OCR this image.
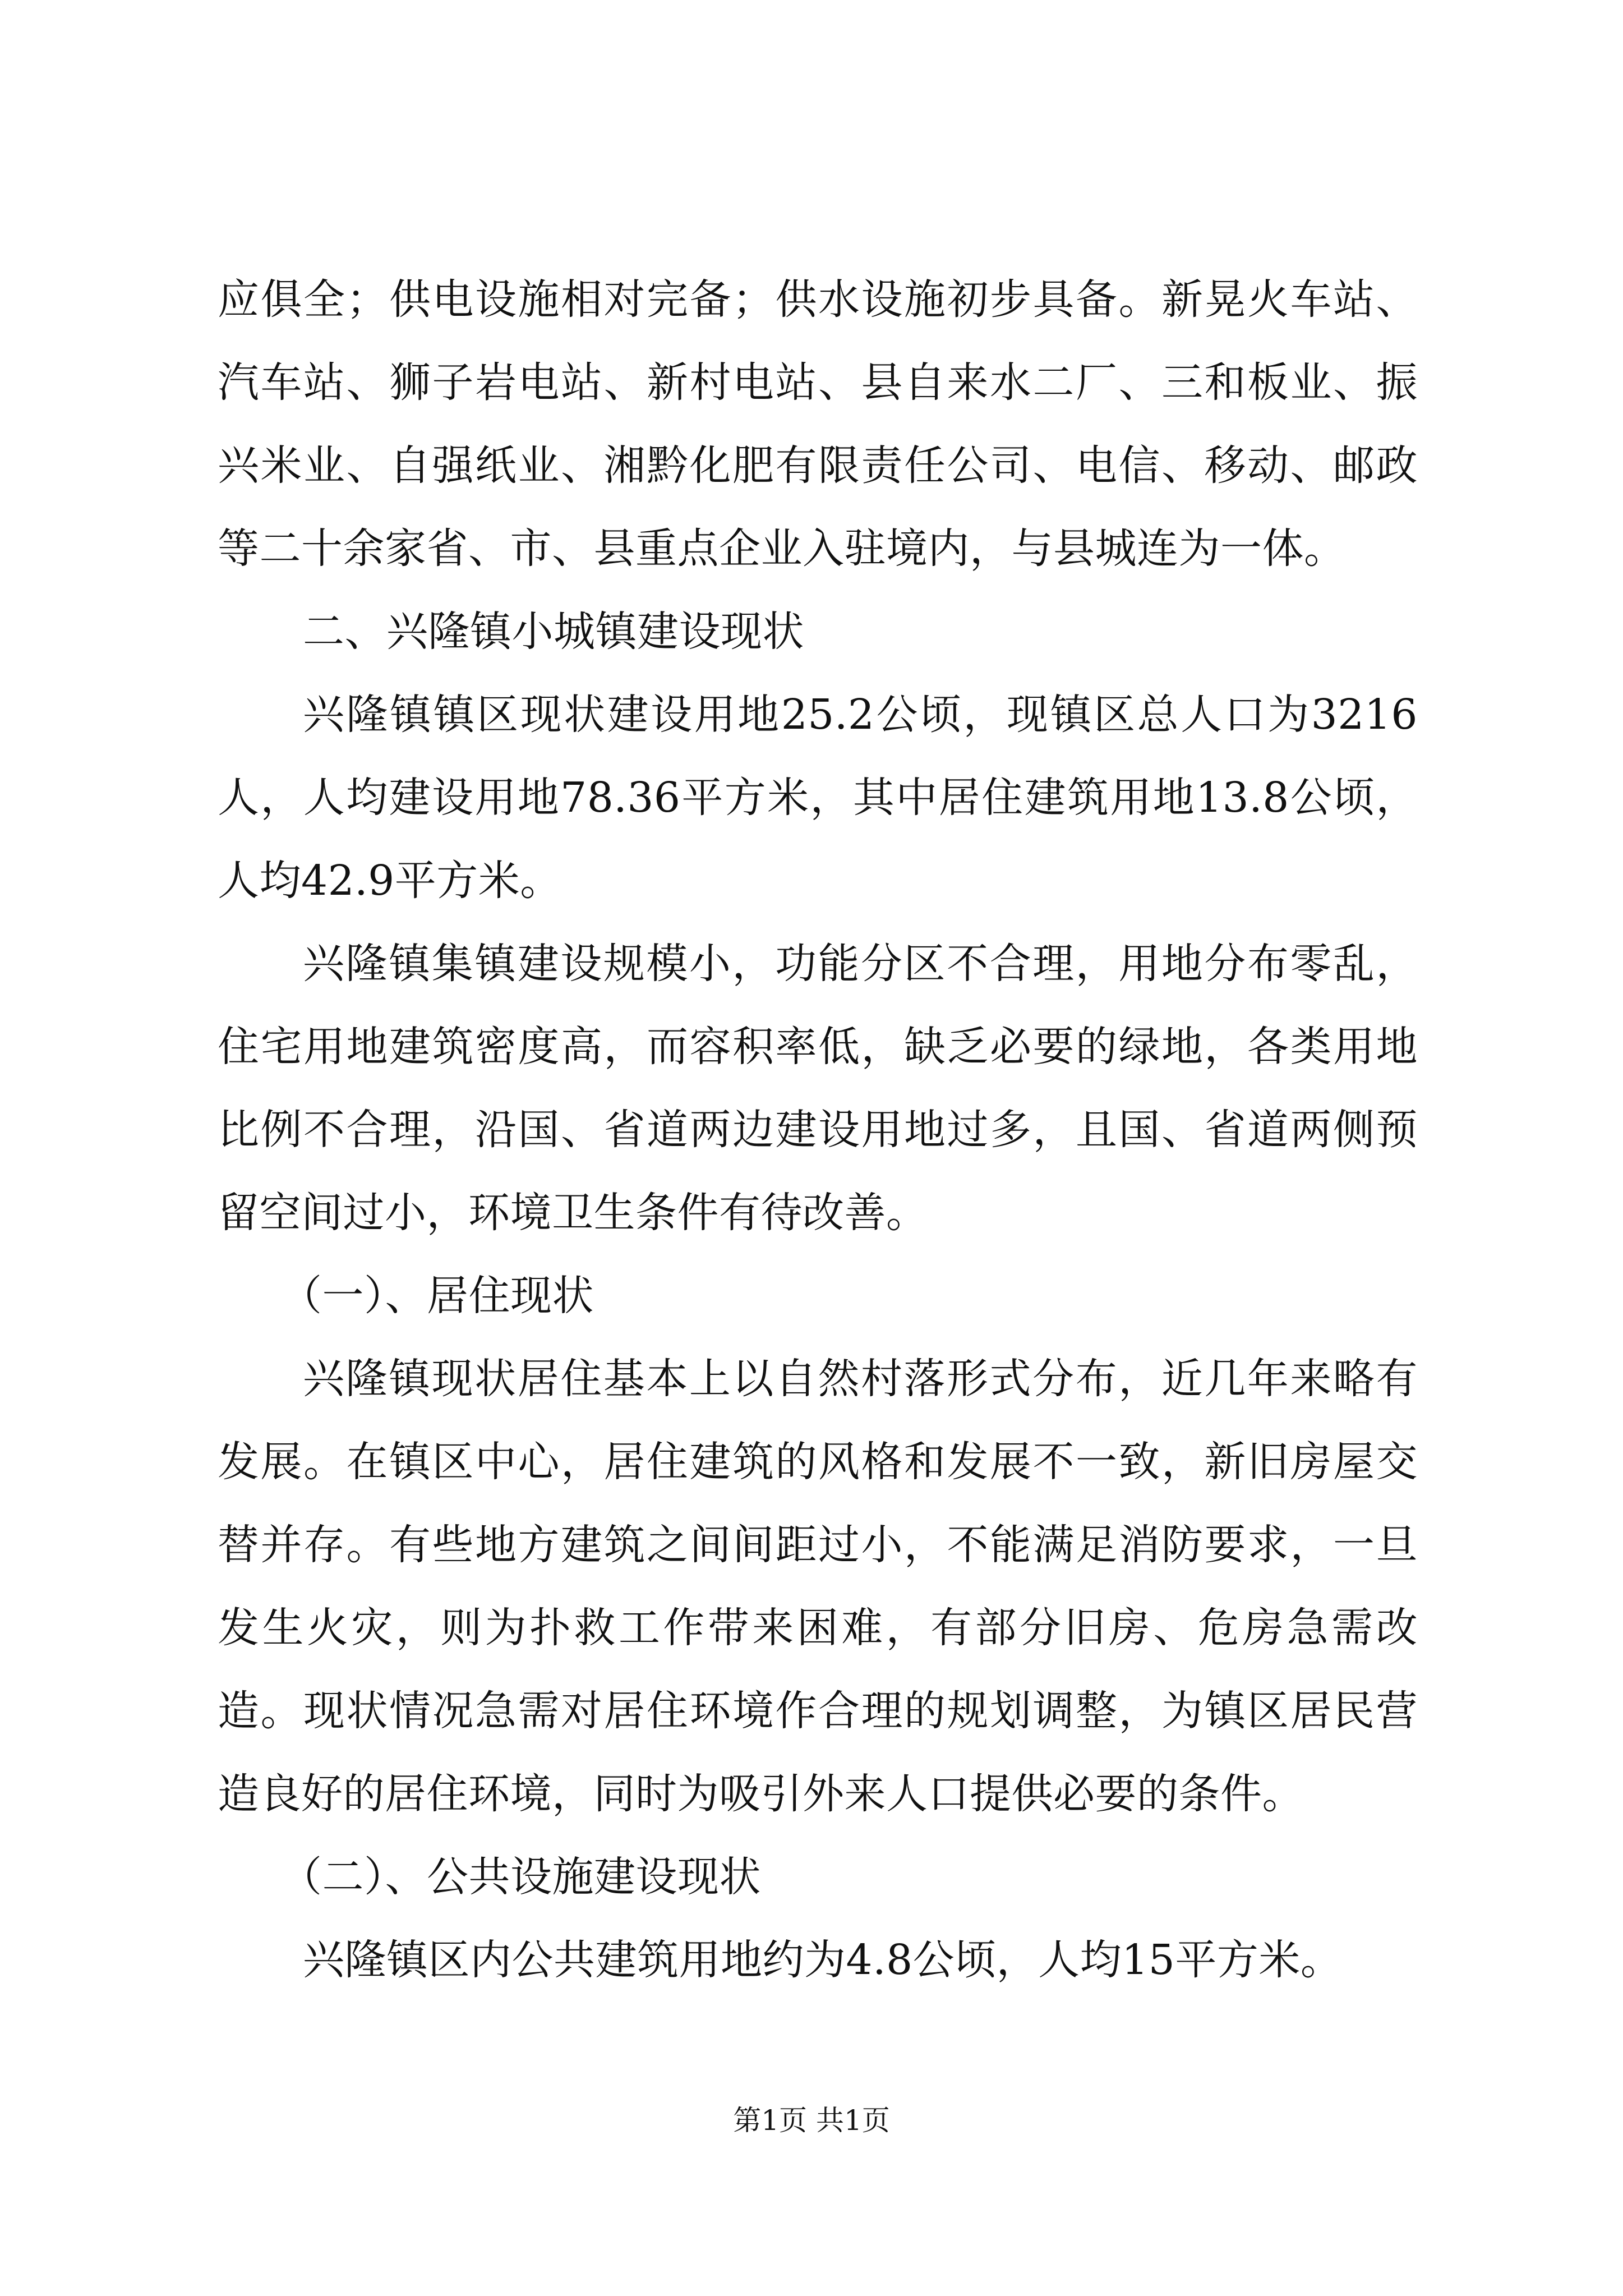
应俱全；供电设施相对完备；供水设施初步具备。新晃火车站、汽车站、狮子岩电站、新村电站、县自来水二厂、三和板业、振兴米业、自强纸业、湘黔化肥有限责任公司、电信、移动、邮政等二十余家省、市、县重点企业入驻境内，与县城连为一体。

二、兴隆镇小城镇建设现状

兴隆镇镇区现状建设用地25.2公顷，现镇区总人口为3216人，人均建设用地78.36平方米，其中居住建筑用地13.8公顷，人均42.9平方米。

兴隆镇集镇建设规模小，功能分区不合理，用地分布零乱，住宅用地建筑密度高，而容积率低，缺乏必要的绿地，各类用地比例不合理，沿国、省道两边建设用地过多，且国、省道两侧预留空间过小，环境卫生条件有待改善。

（一）、居住现状

兴隆镇现状居住基本上以自然村落形式分布，近几年来略有发展。在镇区中心，居住建筑的风格和发展不一致，新旧房屋交替并存。有些地方建筑之间间距过小，不能满足消防要求，一旦发生火灾，则为扑救工作带来困难，有部分旧房、危房急需改造。现状情况急需对居住环境作合理的规划调整，为镇区居民营造良好的居住环境，同时为吸引外来人口提供必要的条件。

（二）、公共设施建设现状

兴隆镇区内公共建筑用地约为4.8公顷，人均15平方米。

第1页 共1页
